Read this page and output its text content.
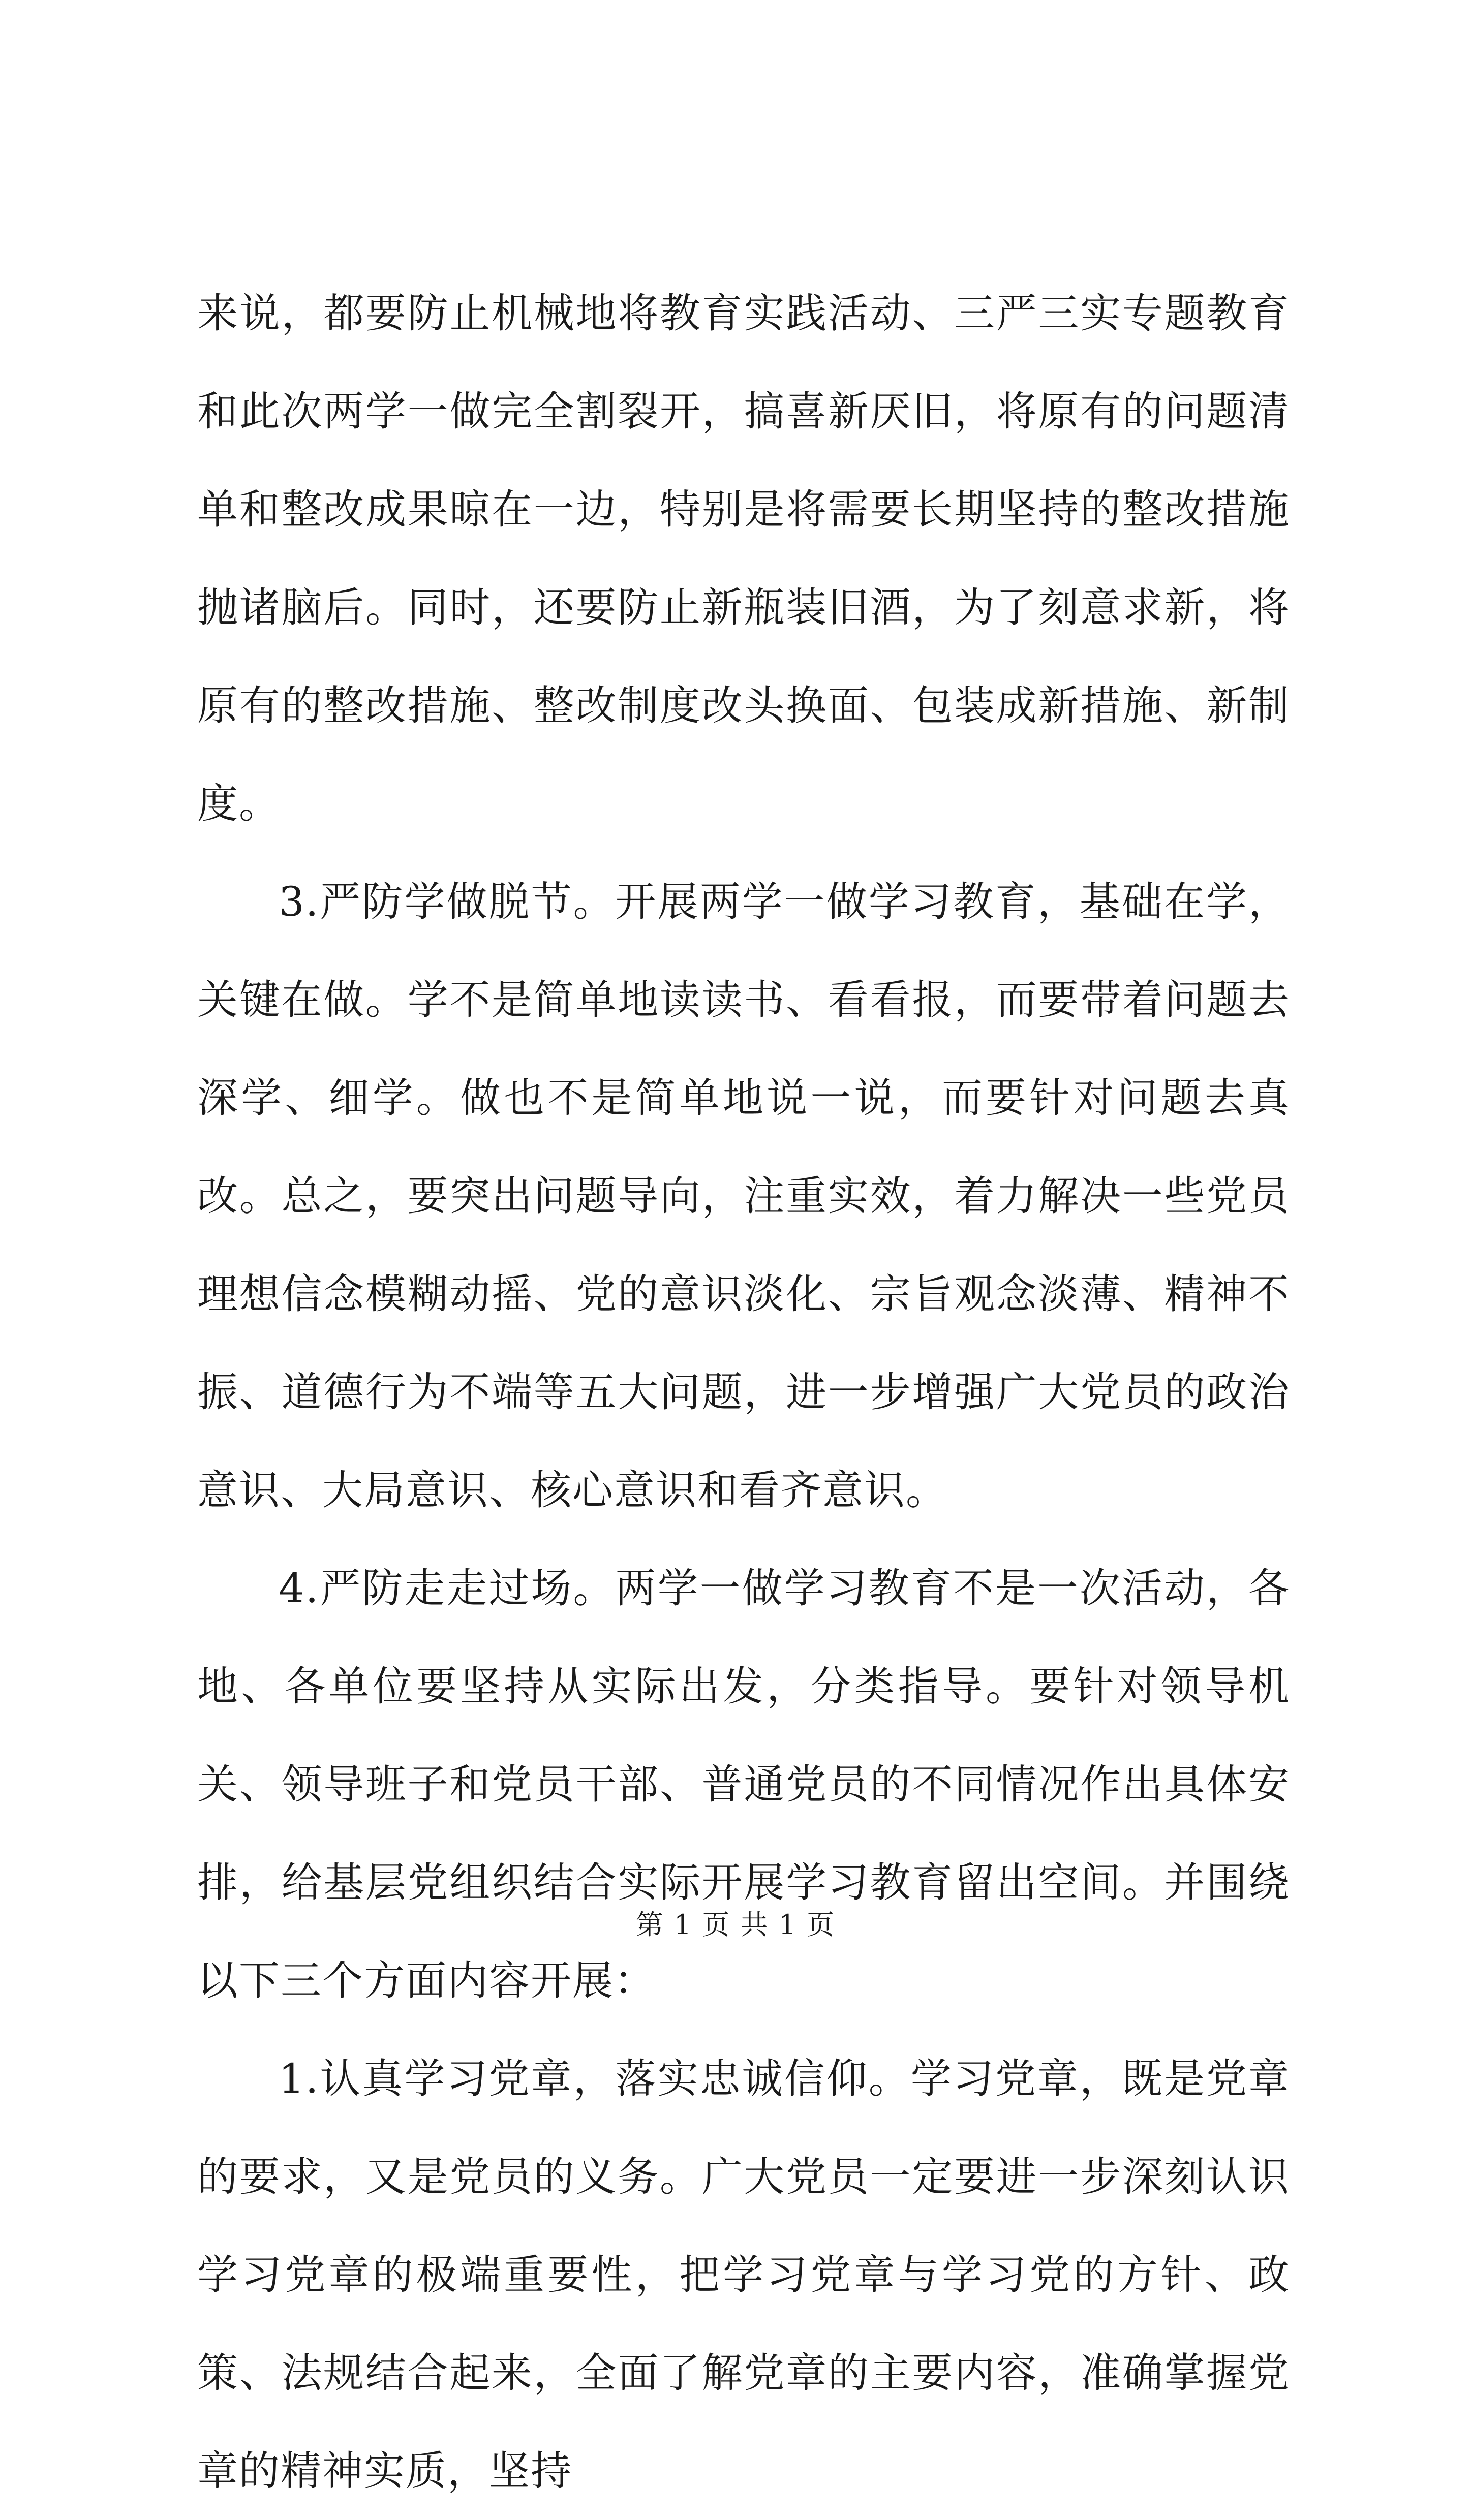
来说，都要防止机械地将教育实践活动、三严三实专题教育和此次两学一做完全割裂开，搞喜新厌旧，将原有的问题清单和整改成果晾在一边，特别是将需要长期坚持的整改措施抛诸脑后。同时，还要防止新瓶装旧酒，为了刻意求新，将原有的整改措施、整改制度改头换面、包装成新措施、新制度。

3.严防学做脱节。开展两学一做学习教育，基础在学，关键在做。学不是简单地读读书、看看报，而要带着问题去深学、细学。做也不是简单地说一说，而要针对问题去真改。总之，要突出问题导向，注重实效，着力解决一些党员理想信念模糊动摇、党的意识淡化、宗旨观念淡薄、精神不振、道德行为不端等五大问题，进一步增强广大党员的政治意识、大局意识、核心意识和看齐意识。

4.严防走走过场。两学一做学习教育不是一次活动，各地、各单位要坚持从实际出发，分类指导。要针对领导机关、领导班子和党员干部、普通党员的不同情况作出具体安排，给基层党组织结合实际开展学习教育留出空间。并围绕以下三个方面内容开展：

1.认真学习党章，落实忠诚信仰。学习党章，既是党章的要求，又是党员的义务。广大党员一定要进一步深刻认识学习党章的极端重要性，把学习党章与学习党的方针、政策、法规结合起来，全面了解党章的主要内容，准确掌握党章的精神实质，坚持

第 1 页 共 1 页
